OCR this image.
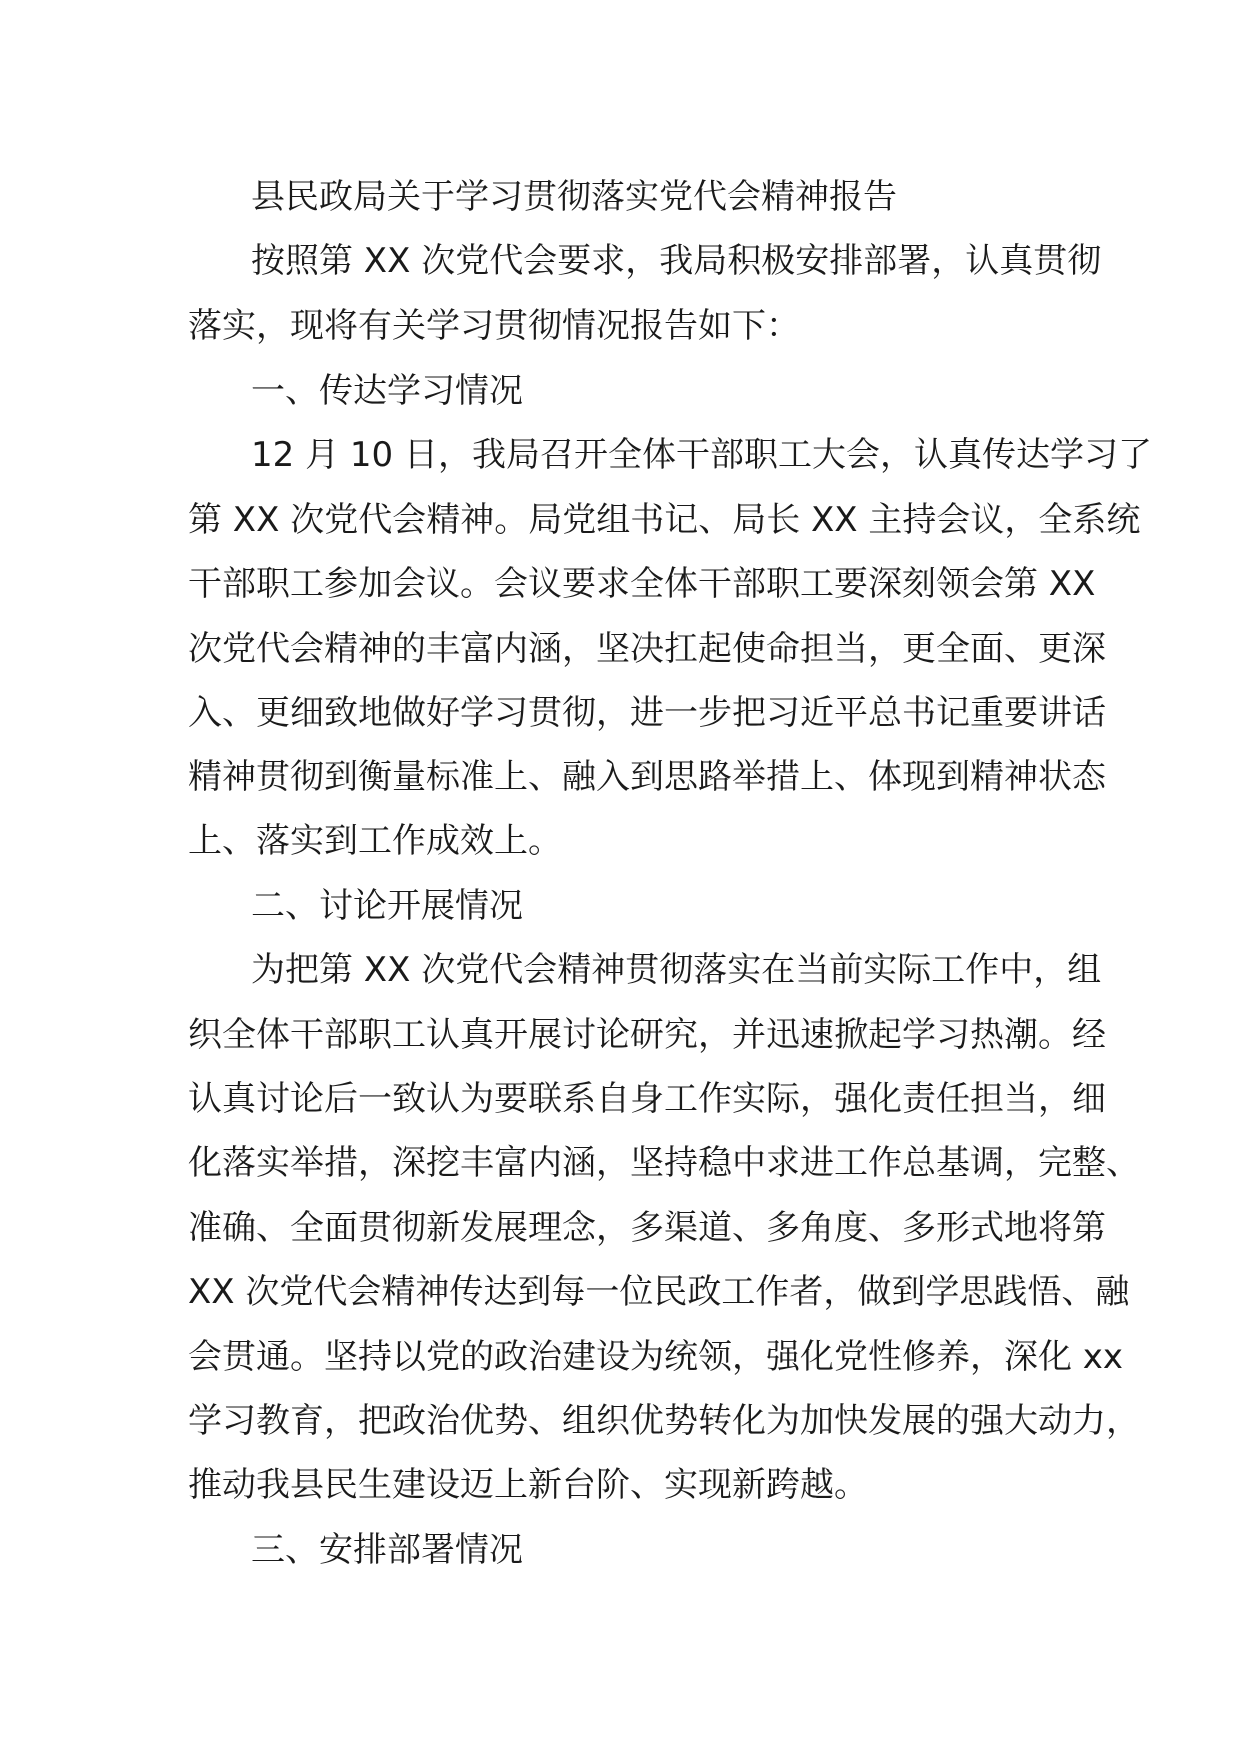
县民政局关于学习贯彻落实党代会精神报告
按照第 XX 次党代会要求，我局积极安排部署，认真贯彻
落实，现将有关学习贯彻情况报告如下：
一、传达学习情况
12 月 10 日，我局召开全体干部职工大会，认真传达学习了
第 XX 次党代会精神。局党组书记、局长 XX 主持会议，全系统
干部职工参加会议。会议要求全体干部职工要深刻领会第 XX
次党代会精神的丰富内涵，坚决扛起使命担当，更全面、更深
入、更细致地做好学习贯彻，进一步把习近平总书记重要讲话
精神贯彻到衡量标准上、融入到思路举措上、体现到精神状态
上、落实到工作成效上。
二、讨论开展情况
为把第 XX 次党代会精神贯彻落实在当前实际工作中，组
织全体干部职工认真开展讨论研究，并迅速掀起学习热潮。经
认真讨论后一致认为要联系自身工作实际，强化责任担当，细
化落实举措，深挖丰富内涵，坚持稳中求进工作总基调，完整、
准确、全面贯彻新发展理念，多渠道、多角度、多形式地将第
XX 次党代会精神传达到每一位民政工作者，做到学思践悟、融
会贯通。坚持以党的政治建设为统领，强化党性修养，深化 xx
学习教育，把政治优势、组织优势转化为加快发展的强大动力，
推动我县民生建设迈上新台阶、实现新跨越。
三、安排部署情况
